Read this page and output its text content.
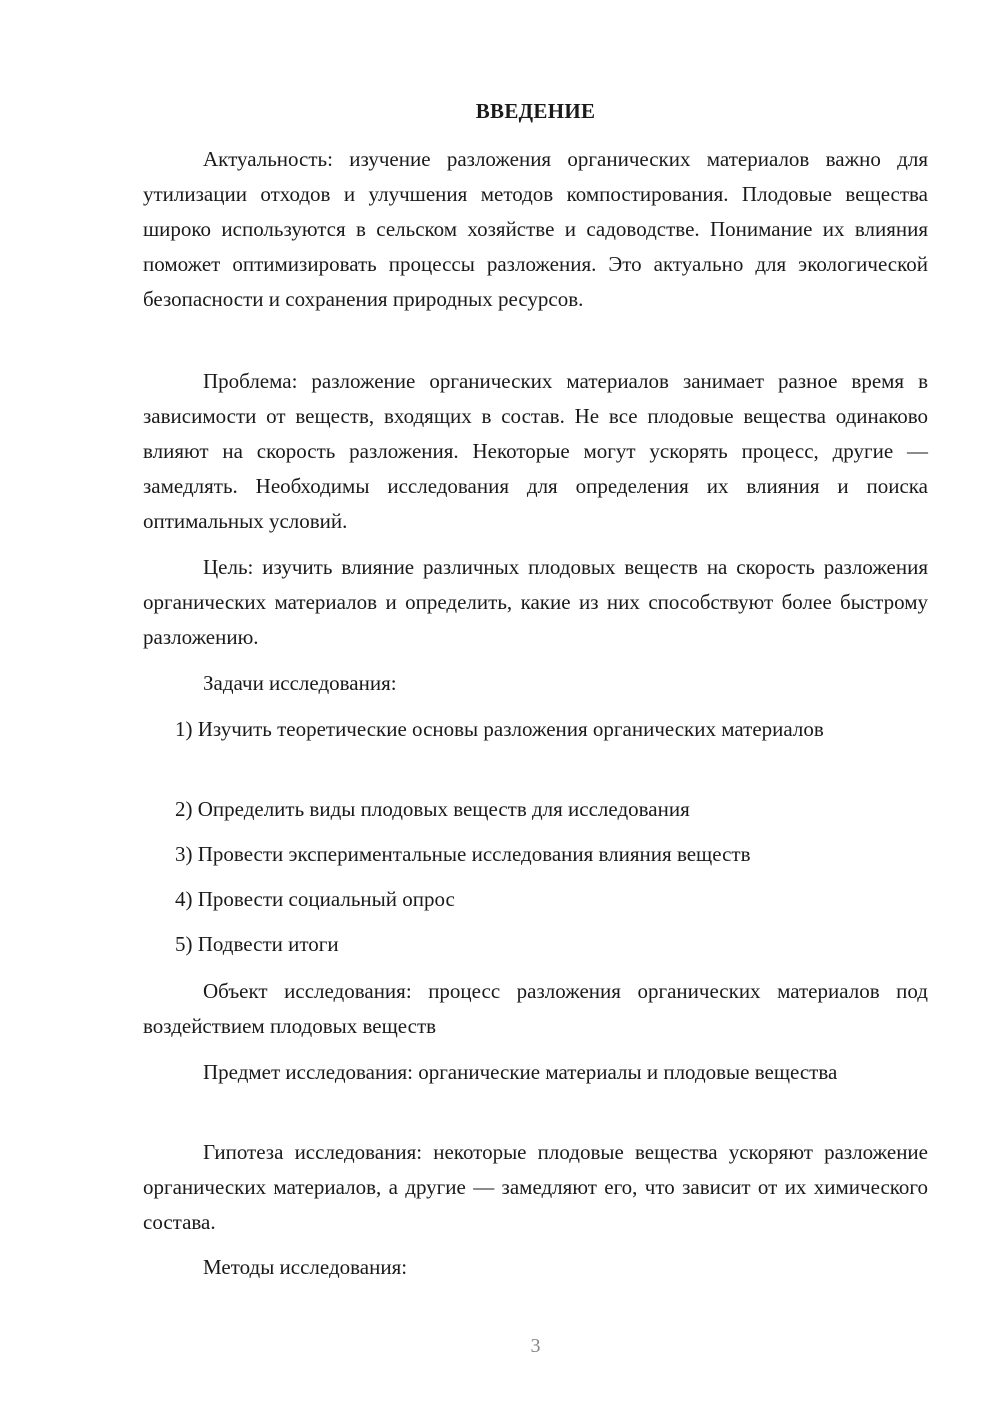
ВВЕДЕНИЕ

Актуальность: изучение разложения органических материалов важно для утилизации отходов и улучшения методов компостирования. Плодовые вещества широко используются в сельском хозяйстве и садоводстве. Понимание их влияния поможет оптимизировать процессы разложения. Это актуально для экологической безопасности и сохранения природных ресурсов.

Проблема: разложение органических материалов занимает разное время в зависимости от веществ, входящих в состав. Не все плодовые вещества одинаково влияют на скорость разложения. Некоторые могут ускорять процесс, другие — замедлять. Необходимы исследования для определения их влияния и поиска оптимальных условий.

Цель: изучить влияние различных плодовых веществ на скорость разложения органических материалов и определить, какие из них способствуют более быстрому разложению.

Задачи исследования:

1) Изучить теоретические основы разложения органических материалов

2) Определить виды плодовых веществ для исследования

3) Провести экспериментальные исследования влияния веществ

4) Провести социальный опрос

5) Подвести итоги

Объект исследования: процесс разложения органических материалов под воздействием плодовых веществ

Предмет исследования: органические материалы и плодовые вещества

Гипотеза исследования: некоторые плодовые вещества ускоряют разложение органических материалов, а другие — замедляют его, что зависит от их химического состава.

Методы исследования:

3
